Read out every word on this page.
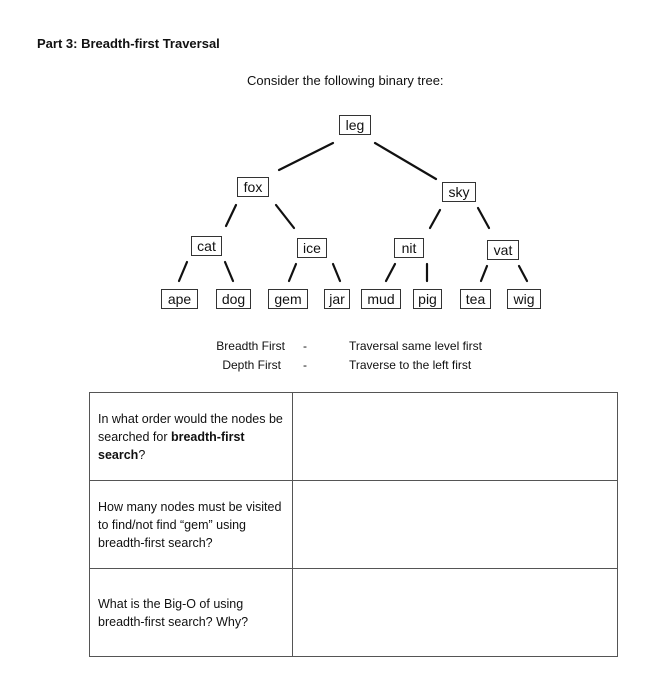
Part 3: Breadth-first Traversal
Consider the following binary tree:
leg
fox	sky
cat	ice	nit	vat
ape	dog	gem	jar	mud	pig	tea	wig
Breadth First -	Traversal same level first
Depth First -	Traverse to the left first
In what order would the nodes be searched for breadth-first search?	

How many nodes must be visited to find/not find “gem” using breadth-first search?	

What is the Big-O of using breadth-first search? Why?	
